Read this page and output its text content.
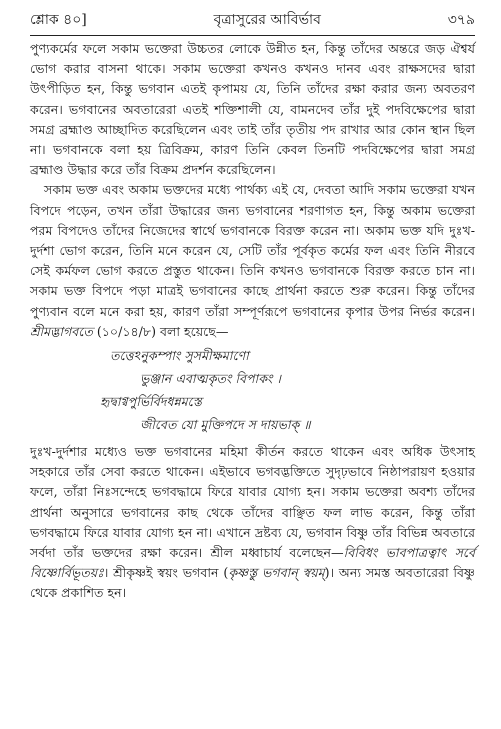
শ্লোক ৪০]	বৃত্রাসুরের আবির্ভাব	৩৭৯

পুণ্যকর্মের ফলে সকাম ভক্তেরা উচ্চতর লোকে উন্নীত হন, কিন্তু তাঁদের অন্তরে জড় ঐশ্বর্য ভোগ করার বাসনা থাকে। সকাম ভক্তেরা কখনও কখনও দানব এবং রাক্ষসদের দ্বারা উৎপীড়িত হন, কিন্তু ভগবান এতই কৃপাময় যে, তিনি তাঁদের রক্ষা করার জন্য অবতরণ করেন। ভগবানের অবতারেরা এতই শক্তিশালী যে, বামনদেব তাঁর দুই পদবিক্ষেপের দ্বারা সমগ্র ব্রহ্মাণ্ড আচ্ছাদিত করেছিলেন এবং তাই তাঁর তৃতীয় পদ রাখার আর কোন স্থান ছিল না। ভগবানকে বলা হয় ত্রিবিক্রম, কারণ তিনি কেবল তিনটি পদবিক্ষেপের দ্বারা সমগ্র ব্রহ্মাণ্ড উদ্ধার করে তাঁর বিক্রম প্রদর্শন করেছিলেন।

সকাম ভক্ত এবং অকাম ভক্তদের মধ্যে পার্থক্য এই যে, দেবতা আদি সকাম ভক্তেরা যখন বিপদে পড়েন, তখন তাঁরা উদ্ধারের জন্য ভগবানের শরণাগত হন, কিন্তু অকাম ভক্তেরা পরম বিপদেও তাঁদের নিজেদের স্বার্থে ভগবানকে বিরক্ত করেন না। অকাম ভক্ত যদি দুঃখ-দুর্দশা ভোগ করেন, তিনি মনে করেন যে, সেটি তাঁর পূর্বকৃত কর্মের ফল এবং তিনি নীরবে সেই কর্মফল ভোগ করতে প্রস্তুত থাকেন। তিনি কখনও ভগবানকে বিরক্ত করতে চান না। সকাম ভক্ত বিপদে পড়া মাত্রই ভগবানের কাছে প্রার্থনা করতে শুরু করেন। কিন্তু তাঁদের পুণ্যবান বলে মনে করা হয়, কারণ তাঁরা সম্পূর্ণরূপে ভগবানের কৃপার উপর নির্ভর করেন। শ্রীমদ্ভাগবতে (১০/১৪/৮) বলা হয়েছে—

তত্তেঽনুকম্পাং সুসমীক্ষমাণো
ভুঞ্জান এবাত্মকৃতং বিপাকং ।
হৃদ্বাগ্বপুর্ভির্বিদধন্নমস্তে
জীবেত যো মুক্তিপদে স দায়ভাক্ ॥

দুঃখ-দুর্দশার মধ্যেও ভক্ত ভগবানের মহিমা কীর্তন করতে থাকেন এবং অধিক উৎসাহ সহকারে তাঁর সেবা করতে থাকেন। এইভাবে ভগবদ্ভক্তিতে সুদৃঢ়ভাবে নিষ্ঠাপরায়ণ হওয়ার ফলে, তাঁরা নিঃসন্দেহে ভগবদ্ধামে ফিরে যাবার যোগ্য হন। সকাম ভক্তেরা অবশ্য তাঁদের প্রার্থনা অনুসারে ভগবানের কাছ থেকে তাঁদের বাঞ্ছিত ফল লাভ করেন, কিন্তু তাঁরা ভগবদ্ধামে ফিরে যাবার যোগ্য হন না। এখানে দ্রষ্টব্য যে, ভগবান বিষ্ণু তাঁর বিভিন্ন অবতারে সর্বদা তাঁর ভক্তদের রক্ষা করেন। শ্রীল মধ্বাচার্য বলেছেন—বিবিধং ভাবপাত্রত্বাৎ সর্বে বিষ্ণোর্বিভূতয়ঃ। শ্রীকৃষ্ণই স্বয়ং ভগবান (কৃষ্ণস্তু ভগবান্ স্বয়ম্)। অন্য সমস্ত অবতারেরা বিষ্ণু থেকে প্রকাশিত হন।
